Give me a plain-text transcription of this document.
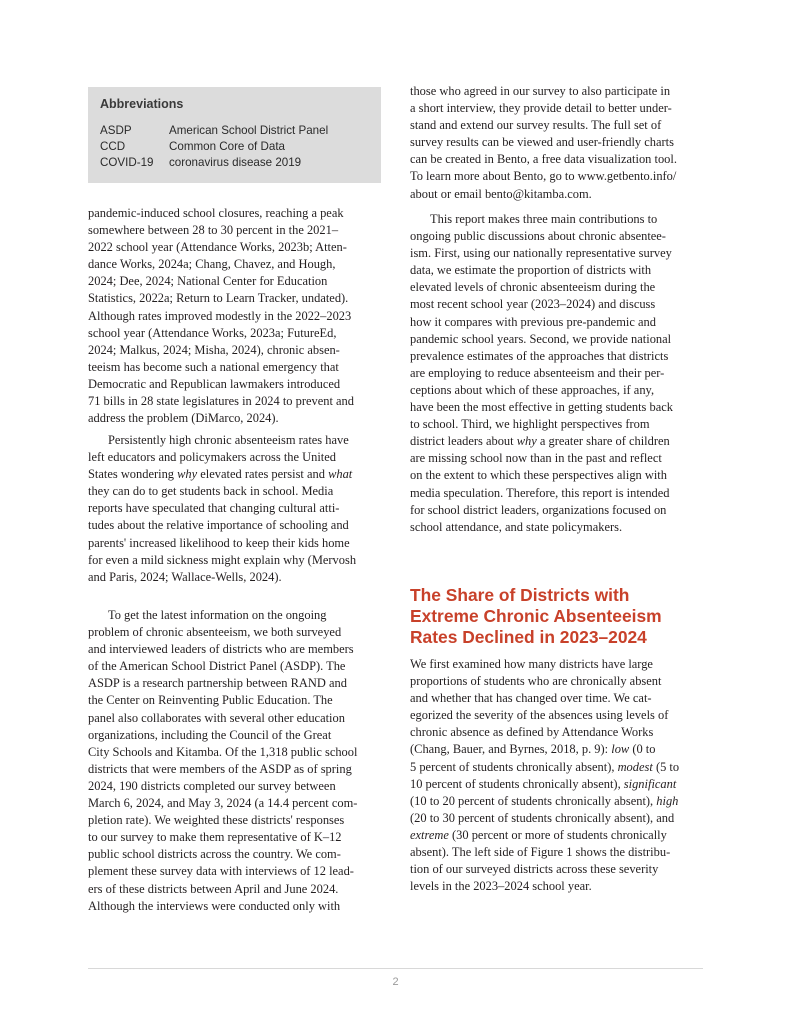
Abbreviations
ASDP	American School District Panel
CCD	Common Core of Data
COVID-19 coronavirus disease 2019

pandemic-induced school closures, reaching a peak
somewhere between 28 to 30 percent in the 2021–
2022 school year (Attendance Works, 2023b; Atten-
dance Works, 2024a; Chang, Chavez, and Hough,
2024; Dee, 2024; National Center for Education
Statistics, 2022a; Return to Learn Tracker, undated).
Although rates improved modestly in the 2022–2023
school year (Attendance Works, 2023a; FutureEd,
2024; Malkus, 2024; Misha, 2024), chronic absen-
teeism has become such a national emergency that
Democratic and Republican lawmakers introduced
71 bills in 28 state legislatures in 2024 to prevent and
address the problem (DiMarco, 2024).

Persistently high chronic absenteeism rates have
left educators and policymakers across the United
States wondering why elevated rates persist and what
they can do to get students back in school. Media
reports have speculated that changing cultural atti-
tudes about the relative importance of schooling and
parents' increased likelihood to keep their kids home
for even a mild sickness might explain why (Mervosh
and Paris, 2024; Wallace-Wells, 2024).

To get the latest information on the ongoing
problem of chronic absenteeism, we both surveyed
and interviewed leaders of districts who are members
of the American School District Panel (ASDP). The
ASDP is a research partnership between RAND and
the Center on Reinventing Public Education. The
panel also collaborates with several other education
organizations, including the Council of the Great
City Schools and Kitamba. Of the 1,318 public school
districts that were members of the ASDP as of spring
2024, 190 districts completed our survey between
March 6, 2024, and May 3, 2024 (a 14.4 percent com-
pletion rate). We weighted these districts' responses
to our survey to make them representative of K–12
public school districts across the country. We com-
plement these survey data with interviews of 12 lead-
ers of these districts between April and June 2024.
Although the interviews were conducted only with

those who agreed in our survey to also participate in
a short interview, they provide detail to better under-
stand and extend our survey results. The full set of
survey results can be viewed and user-friendly charts
can be created in Bento, a free data visualization tool.
To learn more about Bento, go to www.getbento.info/
about or email bento@kitamba.com.

This report makes three main contributions to
ongoing public discussions about chronic absentee-
ism. First, using our nationally representative survey
data, we estimate the proportion of districts with
elevated levels of chronic absenteeism during the
most recent school year (2023–2024) and discuss
how it compares with previous pre-pandemic and
pandemic school years. Second, we provide national
prevalence estimates of the approaches that districts
are employing to reduce absenteeism and their per-
ceptions about which of these approaches, if any,
have been the most effective in getting students back
to school. Third, we highlight perspectives from
district leaders about why a greater share of children
are missing school now than in the past and reflect
on the extent to which these perspectives align with
media speculation. Therefore, this report is intended
for school district leaders, organizations focused on
school attendance, and state policymakers.

We first examined how many districts have large
proportions of students who are chronically absent
and whether that has changed over time. We cat-
egorized the severity of the absences using levels of
chronic absence as defined by Attendance Works
(Chang, Bauer, and Byrnes, 2018, p. 9): low (0 to
5 percent of students chronically absent), modest (5 to
10 percent of students chronically absent), significant
(10 to 20 percent of students chronically absent), high
(20 to 30 percent of students chronically absent), and
extreme (30 percent or more of students chronically
absent). The left side of Figure 1 shows the distribu-
tion of our surveyed districts across these severity
levels in the 2023–2024 school year.

The Share of Districts with
Extreme Chronic Absenteeism
Rates Declined in 2023–2024
2
